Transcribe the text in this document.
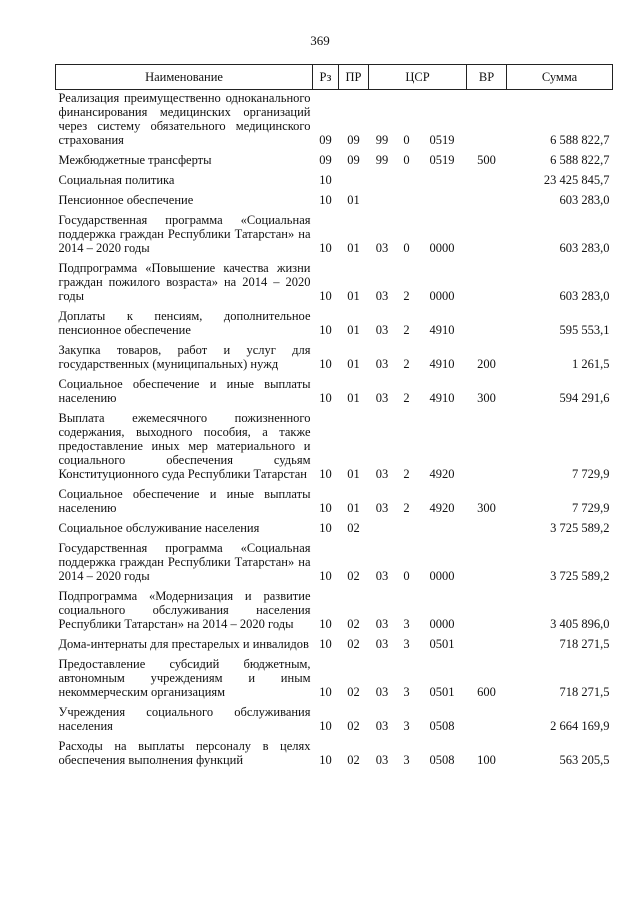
369
Наименование	Рз	ПР	ЦСР			ВР	Сумма
Реализация преимущественно одноканального финансирования медицинских организаций через систему обязательного медицинского страхования	09	09	99	0	0519		6 588 822,7
Межбюджетные трансферты	09	09	99	0	0519	500	6 588 822,7
Социальная политика	10						23 425 845,7
Пенсионное обеспечение	10	01					603 283,0
Государственная программа «Социальная поддержка граждан Республики Татарстан» на 2014 – 2020 годы	10	01	03	0	0000		603 283,0
Подпрограмма «Повышение качества жизни граждан пожилого возраста» на 2014 – 2020 годы	10	01	03	2	0000		603 283,0
Доплаты к пенсиям, дополнительное пенсионное обеспечение	10	01	03	2	4910		595 553,1
Закупка товаров, работ и услуг для государственных (муниципальных) нужд	10	01	03	2	4910	200	1 261,5
Социальное обеспечение и иные выплаты населению	10	01	03	2	4910	300	594 291,6
Выплата ежемесячного пожизненного содержания, выходного пособия, а также предоставление иных мер материального и социального обеспечения судьям Конституционного суда Республики Татарстан	10	01	03	2	4920		7 729,9
Социальное обеспечение и иные выплаты населению	10	01	03	2	4920	300	7 729,9
Социальное обслуживание населения	10	02					3 725 589,2
Государственная программа «Социальная поддержка граждан Республики Татарстан» на 2014 – 2020 годы	10	02	03	0	0000		3 725 589,2
Подпрограмма «Модернизация и развитие социального обслуживания населения Республики Татарстан» на 2014 – 2020 годы	10	02	03	3	0000		3 405 896,0
Дома-интернаты для престарелых и инвалидов	10	02	03	3	0501		718 271,5
Предоставление субсидий бюджетным, автономным учреждениям и иным некоммерческим организациям	10	02	03	3	0501	600	718 271,5
Учреждения социального обслуживания населения	10	02	03	3	0508		2 664 169,9
Расходы на выплаты персоналу в целях обеспечения выполнения функций	10	02	03	3	0508	100	563 205,5
